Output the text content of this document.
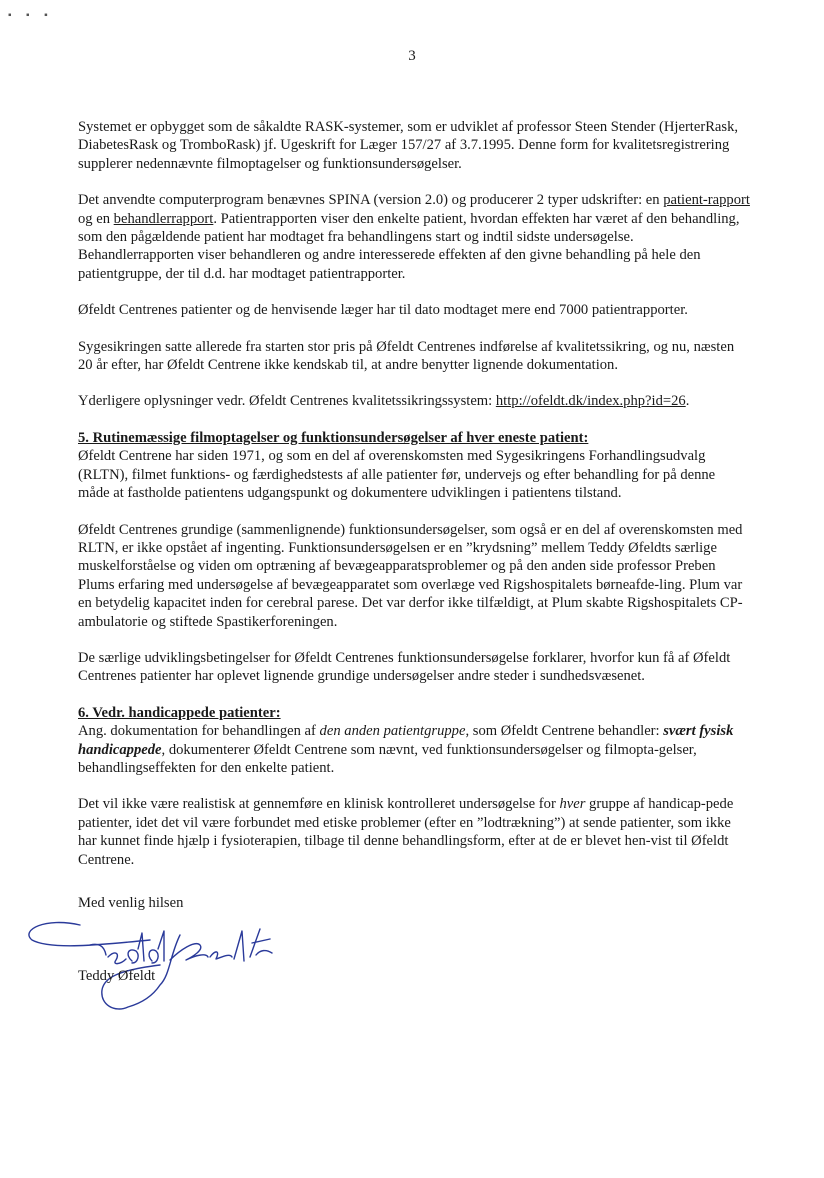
▪ ▪ ▪
3

Systemet er opbygget som de såkaldte RASK-systemer, som er udviklet af professor Steen Stender (HjerterRask, DiabetesRask og TromboRask) jf. Ugeskrift for Læger 157/27 af 3.7.1995. Denne form for kvalitetsregistrering supplerer nedennævnte filmoptagelser og funktionsundersøgelser.

Det anvendte computerprogram benævnes SPINA (version 2.0) og producerer 2 typer udskrifter: en patient-rapport og en behandlerrapport. Patientrapporten viser den enkelte patient, hvordan effekten har været af den behandling, som den pågældende patient har modtaget fra behandlingens start og indtil sidste undersøgelse. Behandlerrapporten viser behandleren og andre interesserede effekten af den givne behandling på hele den patientgruppe, der til d.d. har modtaget patientrapporter.

Øfeldt Centrenes patienter og de henvisende læger har til dato modtaget mere end 7000 patientrapporter.

Sygesikringen satte allerede fra starten stor pris på Øfeldt Centrenes indførelse af kvalitetssikring, og nu, næsten 20 år efter, har Øfeldt Centrene ikke kendskab til, at andre benytter lignende dokumentation.

Yderligere oplysninger vedr. Øfeldt Centrenes kvalitetssikringssystem: http://ofeldt.dk/index.php?id=26.

5. Rutinemæssige filmoptagelser og funktionsundersøgelser af hver eneste patient:
Øfeldt Centrene har siden 1971, og som en del af overenskomsten med Sygesikringens Forhandlingsudvalg (RLTN), filmet funktions- og færdighedstests af alle patienter før, undervejs og efter behandling for på denne måde at fastholde patientens udgangspunkt og dokumentere udviklingen i patientens tilstand.

Øfeldt Centrenes grundige (sammenlignende) funktionsundersøgelser, som også er en del af overenskomsten med RLTN, er ikke opstået af ingenting. Funktionsundersøgelsen er en ”krydsning” mellem Teddy Øfeldts særlige muskelforståelse og viden om optræning af bevægeapparatsproblemer og på den anden side professor Preben Plums erfaring med undersøgelse af bevægeapparatet som overlæge ved Rigshospitalets børneafde-ling. Plum var en betydelig kapacitet inden for cerebral parese. Det var derfor ikke tilfældigt, at Plum skabte Rigshospitalets CP-ambulatorie og stiftede Spastikerforeningen.

De særlige udviklingsbetingelser for Øfeldt Centrenes funktionsundersøgelse forklarer, hvorfor kun få af Øfeldt Centrenes patienter har oplevet lignende grundige undersøgelser andre steder i sundhedsvæsenet.

6. Vedr. handicappede patienter:
Ang. dokumentation for behandlingen af den anden patientgruppe, som Øfeldt Centrene behandler: svært fysisk handicappede, dokumenterer Øfeldt Centrene som nævnt, ved funktionsundersøgelser og filmopta-gelser, behandlingseffekten for den enkelte patient.

Det vil ikke være realistisk at gennemføre en klinisk kontrolleret undersøgelse for hver gruppe af handicap-pede patienter, idet det vil være forbundet med etiske problemer (efter en ”lodtrækning”) at sende patienter, som ikke har kunnet finde hjælp i fysioterapien, tilbage til denne behandlingsform, efter at de er blevet hen-vist til Øfeldt Centrene.

Med venlig hilsen
Teddy Øfeldt
